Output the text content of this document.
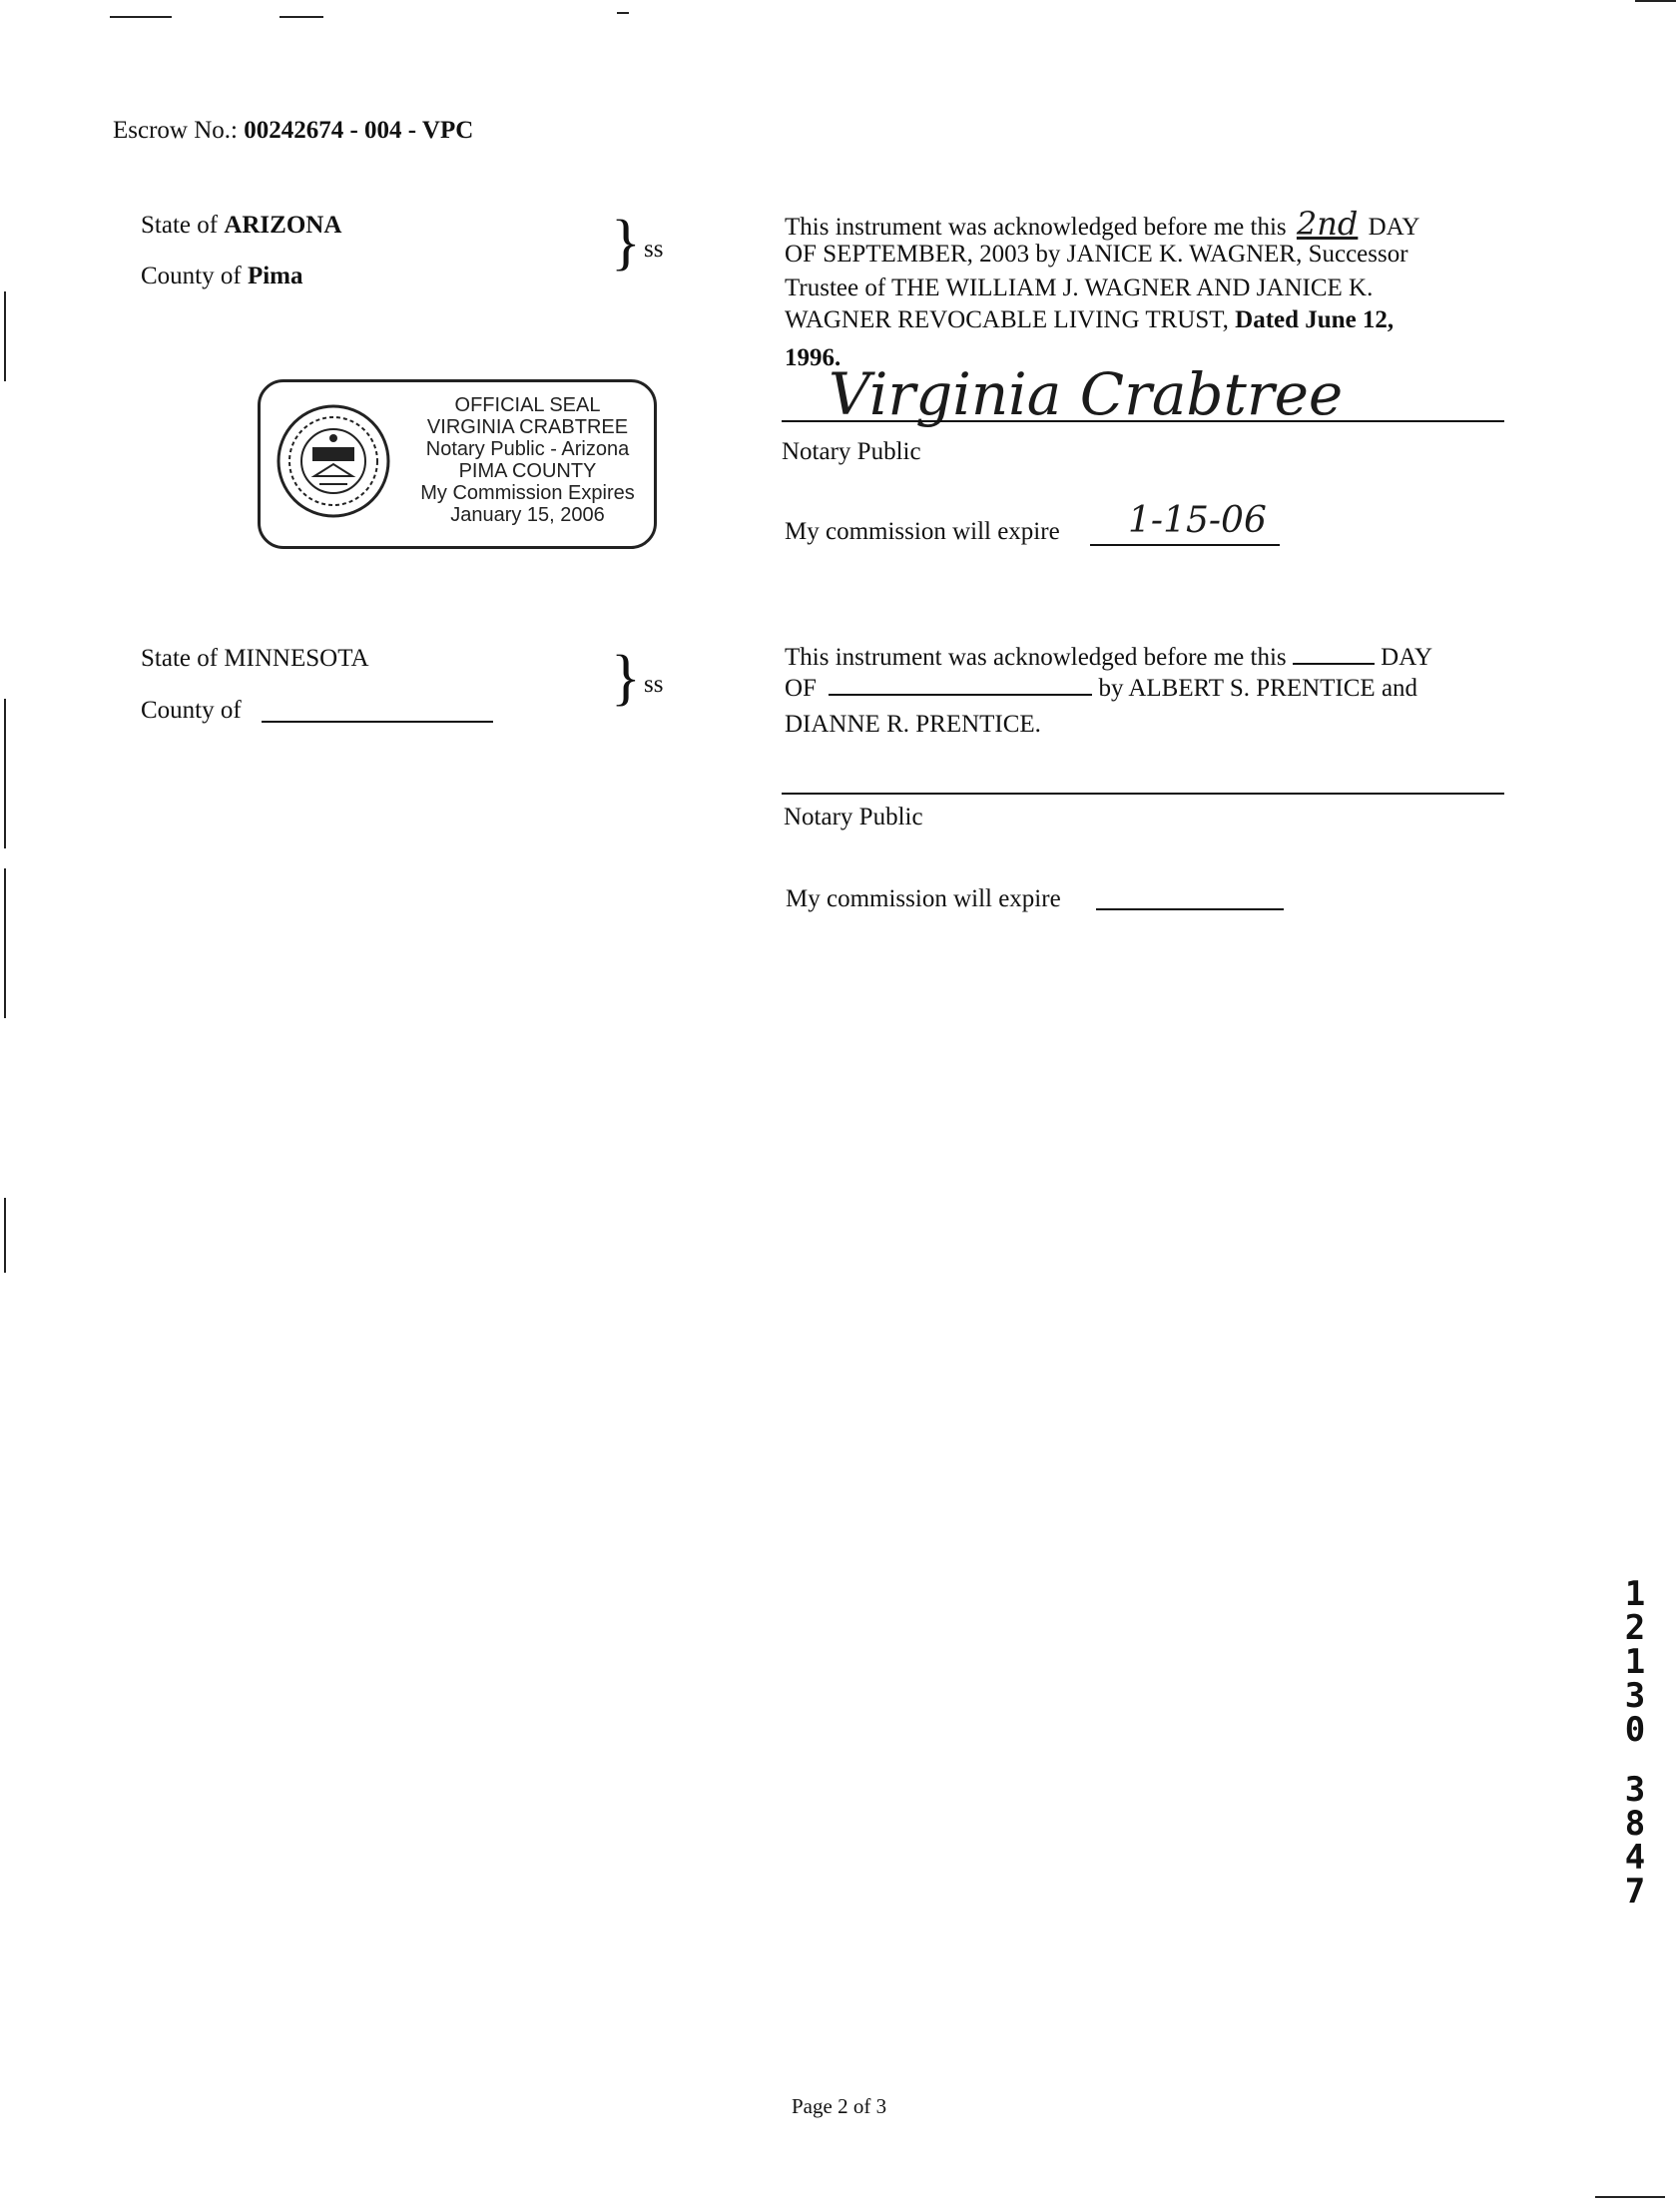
Escrow No.: 00242674 - 004 - VPC
State of ARIZONA
County of Pima	} ss
This instrument was acknowledged before me this 2nd DAY
OF SEPTEMBER, 2003 by JANICE K. WAGNER, Successor
Trustee of THE WILLIAM J. WAGNER AND JANICE K.
WAGNER REVOCABLE LIVING TRUST, Dated June 12,
1996.
Virginia Crabtree
Notary Public
My commission will expire 1-15-06
OFFICIAL SEAL
VIRGINIA CRABTREE
Notary Public - Arizona
PIMA COUNTY
My Commission Expires
January 15, 2006
State of MINNESOTA
County of	} ss
This instrument was acknowledged before me this	DAY
OF	by ALBERT S. PRENTICE and
DIANNE R. PRENTICE.
Notary Public
My commission will expire
1
2
1
3
0
3
8
4
7
Page 2 of 3
